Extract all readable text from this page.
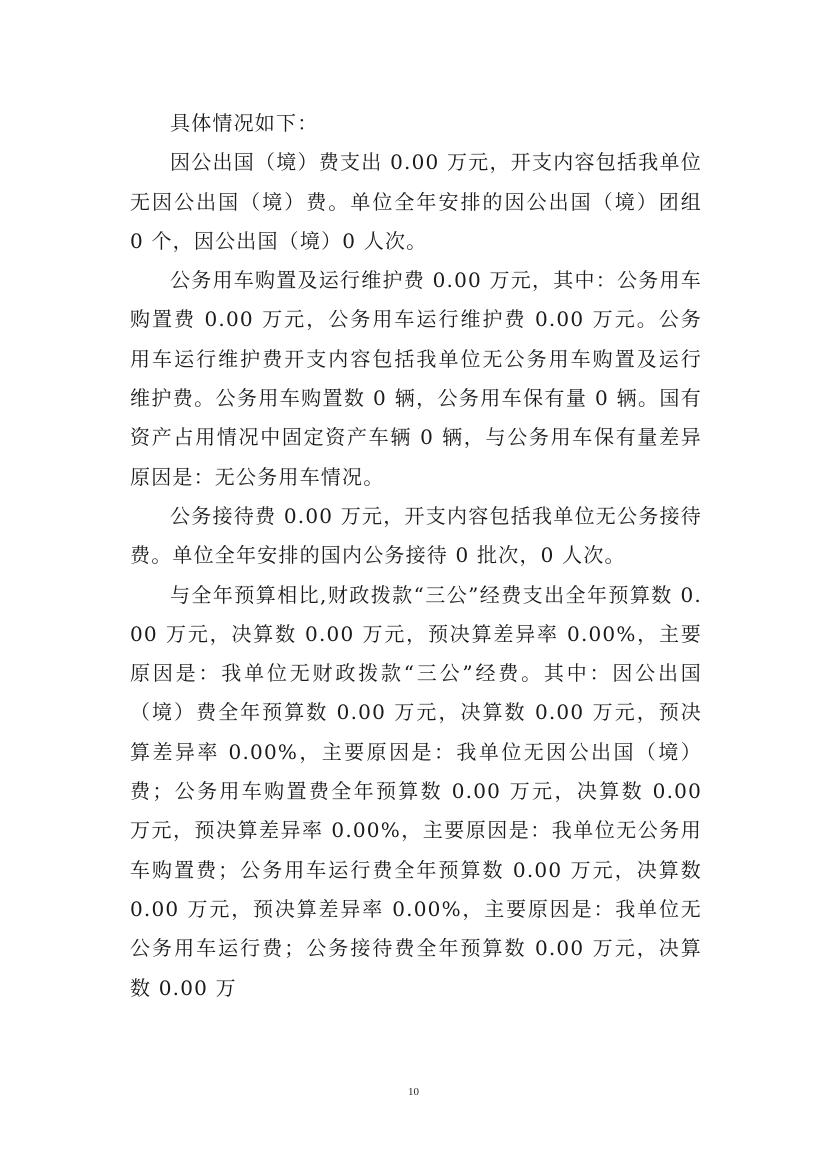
具体情况如下：

因公出国（境）费支出 0.00 万元，开支内容包括我单位无因公出国（境）费。单位全年安排的因公出国（境）团组 0 个，因公出国（境）0 人次。

公务用车购置及运行维护费 0.00 万元，其中：公务用车购置费 0.00 万元，公务用车运行维护费 0.00 万元。公务用车运行维护费开支内容包括我单位无公务用车购置及运行维护费。公务用车购置数 0 辆，公务用车保有量 0 辆。国有资产占用情况中固定资产车辆 0 辆，与公务用车保有量差异原因是：无公务用车情况。

公务接待费 0.00 万元，开支内容包括我单位无公务接待费。单位全年安排的国内公务接待 0 批次，0 人次。

与全年预算相比,财政拨款“三公”经费支出全年预算数 0.00 万元，决算数 0.00 万元，预决算差异率 0.00%，主要原因是：我单位无财政拨款“三公”经费。其中：因公出国（境）费全年预算数 0.00 万元，决算数 0.00 万元，预决算差异率 0.00%，主要原因是：我单位无因公出国（境）费；公务用车购置费全年预算数 0.00 万元，决算数 0.00 万元，预决算差异率 0.00%，主要原因是：我单位无公务用车购置费；公务用车运行费全年预算数 0.00 万元，决算数 0.00 万元，预决算差异率 0.00%，主要原因是：我单位无公务用车运行费；公务接待费全年预算数 0.00 万元，决算数 0.00 万

10
